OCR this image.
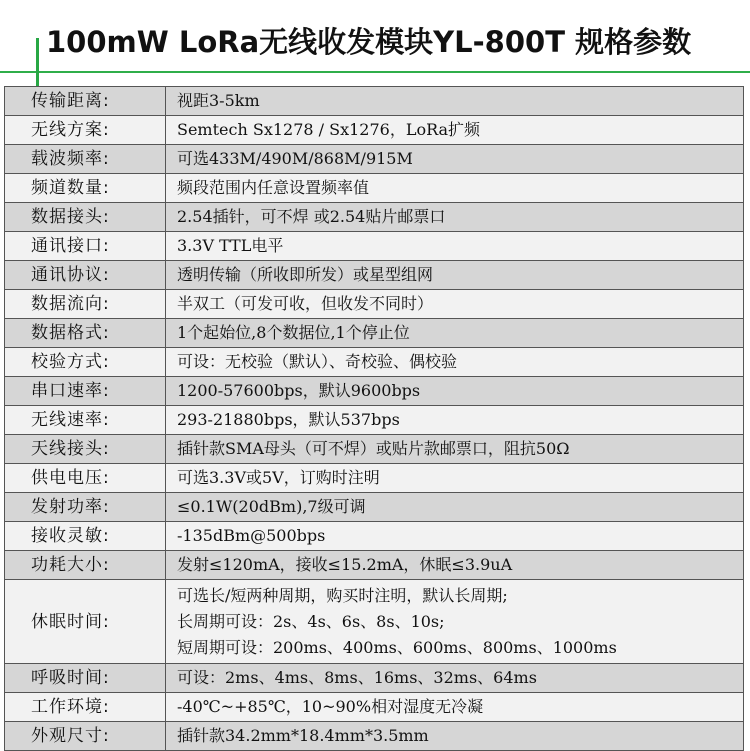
100mW LoRa无线收发模块YL-800T 规格参数
传输距离:	视距3-5km
无线方案:	Semtech Sx1278 / Sx1276，LoRa扩频
载波频率:	可选433M/490M/868M/915M
频道数量:	频段范围内任意设置频率值
数据接头:	2.54插针，可不焊 或2.54贴片邮票口
通讯接口:	3.3V TTL电平
通讯协议:	透明传输（所收即所发）或星型组网
数据流向:	半双工（可发可收，但收发不同时）
数据格式:	1个起始位,8个数据位,1个停止位
校验方式:	可设：无校验（默认）、奇校验、偶校验
串口速率:	1200-57600bps，默认9600bps
无线速率:	293-21880bps，默认537bps
天线接头:	插针款SMA母头（可不焊）或贴片款邮票口，阻抗50Ω
供电电压:	可选3.3V或5V，订购时注明
发射功率:	≤0.1W(20dBm),7级可调
接收灵敏:	-135dBm@500bps
功耗大小:	发射≤120mA，接收≤15.2mA，休眠≤3.9uA
休眠时间:	可选长/短两种周期，购买时注明，默认长周期;
长周期可设：2s、4s、6s、8s、10s;
短周期可设：200ms、400ms、600ms、800ms、1000ms

呼吸时间:	可设：2ms、4ms、8ms、16ms、32ms、64ms
工作环境:	-40℃~+85℃，10~90%相对湿度无冷凝
外观尺寸:	插针款34.2mm*18.4mm*3.5mm
